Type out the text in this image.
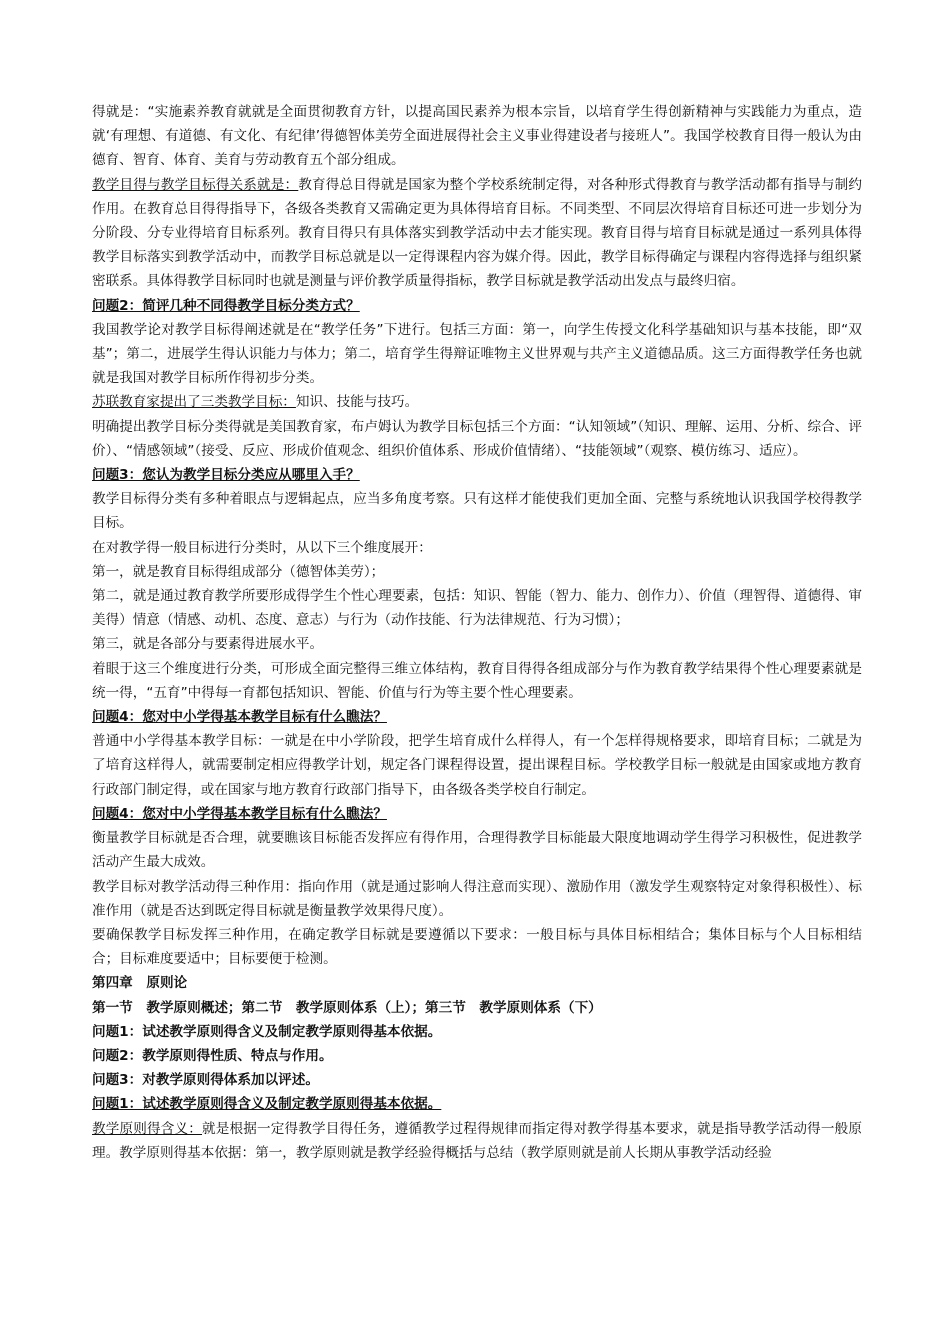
得就是：“实施素养教育就就是全面贯彻教育方针，以提高国民素养为根本宗旨，以培育学生得创新精神与实践能力为重点，造就‘有理想、有道德、有文化、有纪律’得德智体美劳全面进展得社会主义事业得建设者与接班人”。我国学校教育目得一般认为由德育、智育、体育、美育与劳动教育五个部分组成。

教学目得与教学目标得关系就是：教育得总目得就是国家为整个学校系统制定得，对各种形式得教育与教学活动都有指导与制约作用。在教育总目得得指导下，各级各类教育又需确定更为具体得培育目标。不同类型、不同层次得培育目标还可进一步划分为分阶段、分专业得培育目标系列。教育目得只有具体落实到教学活动中去才能实现。教育目得与培育目标就是通过一系列具体得教学目标落实到教学活动中，而教学目标总就是以一定得课程内容为媒介得。因此，教学目标得确定与课程内容得选择与组织紧密联系。具体得教学目标同时也就是测量与评价教学质量得指标，教学目标就是教学活动出发点与最终归宿。

问题2：简评几种不同得教学目标分类方式？

我国教学论对教学目标得阐述就是在“教学任务”下进行。包括三方面：第一，向学生传授文化科学基础知识与基本技能，即“双基”；第二，进展学生得认识能力与体力；第二，培育学生得辩证唯物主义世界观与共产主义道德品质。这三方面得教学任务也就就是我国对教学目标所作得初步分类。

苏联教育家提出了三类教学目标：知识、技能与技巧。

明确提出教学目标分类得就是美国教育家，布卢姆认为教学目标包括三个方面：“认知领域”（知识、理解、运用、分析、综合、评价）、“情感领域”（接受、反应、形成价值观念、组织价值体系、形成价值情绪）、“技能领域”（观察、模仿练习、适应）。

问题3：您认为教学目标分类应从哪里入手？

教学目标得分类有多种着眼点与逻辑起点，应当多角度考察。只有这样才能使我们更加全面、完整与系统地认识我国学校得教学目标。

在对教学得一般目标进行分类时，从以下三个维度展开：

第一，就是教育目标得组成部分（德智体美劳）；

第二，就是通过教育教学所要形成得学生个性心理要素，包括：知识、智能（智力、能力、创作力）、价值（理智得、道德得、审美得）情意（情感、动机、态度、意志）与行为（动作技能、行为法律规范、行为习惯）；

第三，就是各部分与要素得进展水平。

着眼于这三个维度进行分类，可形成全面完整得三维立体结构，教育目得得各组成部分与作为教育教学结果得个性心理要素就是统一得，“五育”中得每一育都包括知识、智能、价值与行为等主要个性心理要素。

问题4：您对中小学得基本教学目标有什么瞧法？

普通中小学得基本教学目标：一就是在中小学阶段，把学生培育成什么样得人，有一个怎样得规格要求，即培育目标；二就是为了培育这样得人，就需要制定相应得教学计划，规定各门课程得设置，提出课程目标。学校教学目标一般就是由国家或地方教育行政部门制定得，或在国家与地方教育行政部门指导下，由各级各类学校自行制定。

问题4：您对中小学得基本教学目标有什么瞧法？

衡量教学目标就是否合理，就要瞧该目标能否发挥应有得作用，合理得教学目标能最大限度地调动学生得学习积极性，促进教学活动产生最大成效。

教学目标对教学活动得三种作用：指向作用（就是通过影响人得注意而实现）、激励作用（激发学生观察特定对象得积极性）、标准作用（就是否达到既定得目标就是衡量教学效果得尺度）。

要确保教学目标发挥三种作用，在确定教学目标就是要遵循以下要求：一般目标与具体目标相结合；集体目标与个人目标相结合；目标难度要适中；目标要便于检测。

第四章　原则论

第一节　教学原则概述；第二节　教学原则体系（上）；第三节　教学原则体系（下）

问题1：试述教学原则得含义及制定教学原则得基本依据。

问题2：教学原则得性质、特点与作用。

问题3：对教学原则得体系加以评述。

问题1：试述教学原则得含义及制定教学原则得基本依据。

教学原则得含义：就是根据一定得教学目得任务，遵循教学过程得规律而指定得对教学得基本要求，就是指导教学活动得一般原理。教学原则得基本依据：第一，教学原则就是教学经验得概括与总结（教学原则就是前人长期从事教学活动经验
